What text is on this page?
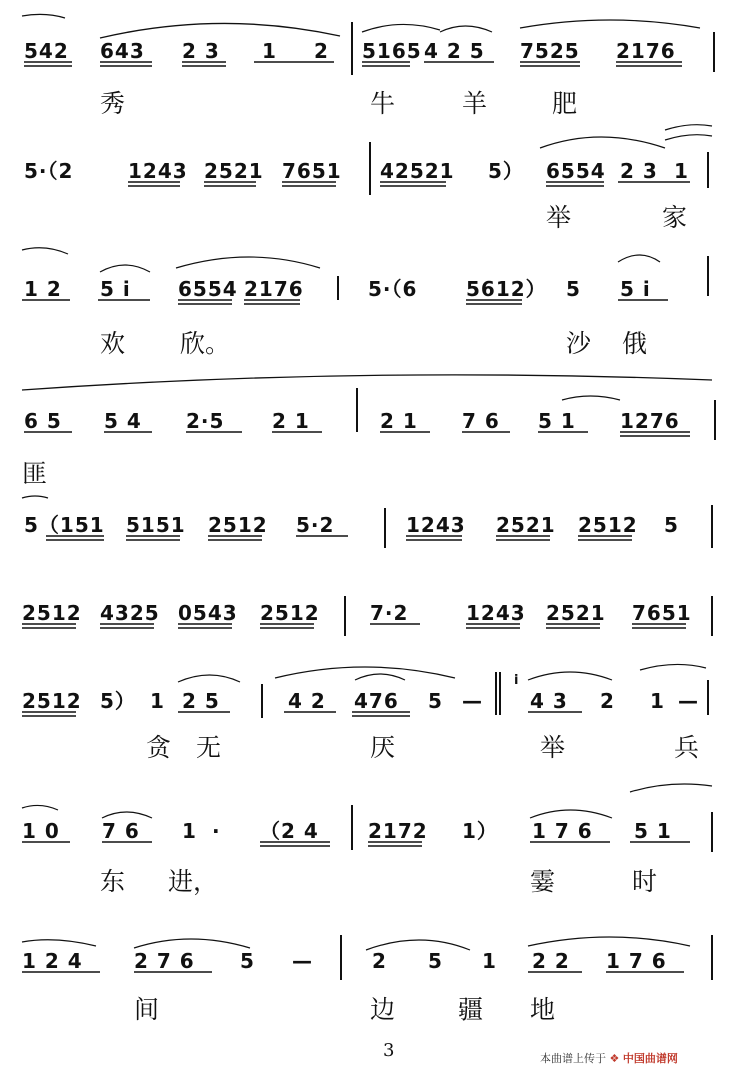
542 643 2 3 1 2 5165 4 2 5 7525 2176
秀	牛	羊	肥
5·（2	1243 2521 7651 42521 5） 6554 2 3 1
举	家
1 2 5 i 6554 2176	5·（6 5612） 5 5 i
欢 欣。	沙 俄
6 5 5 4 2·5 2 1	2 1 7 6 5 1 1276
匪
5（151 5151 2512 5·2	1243 2521 2512 5
2512 4325 0543 2512	7·2	1243 2521 7651
2512 5） 1 2 5	4 2 476 5 —
i
4 3 2 1 —
贪 无	厌	举	兵
1 0 7 6 1 · （2 4 2172 1） 1 7 6 5 1
东 进，	霎	时
1 2 4	2 7 6 5 —	2 5 1 2 2 1 7 6
间	边	疆 地
3	本曲谱上传于 ❖ 中国曲谱网
